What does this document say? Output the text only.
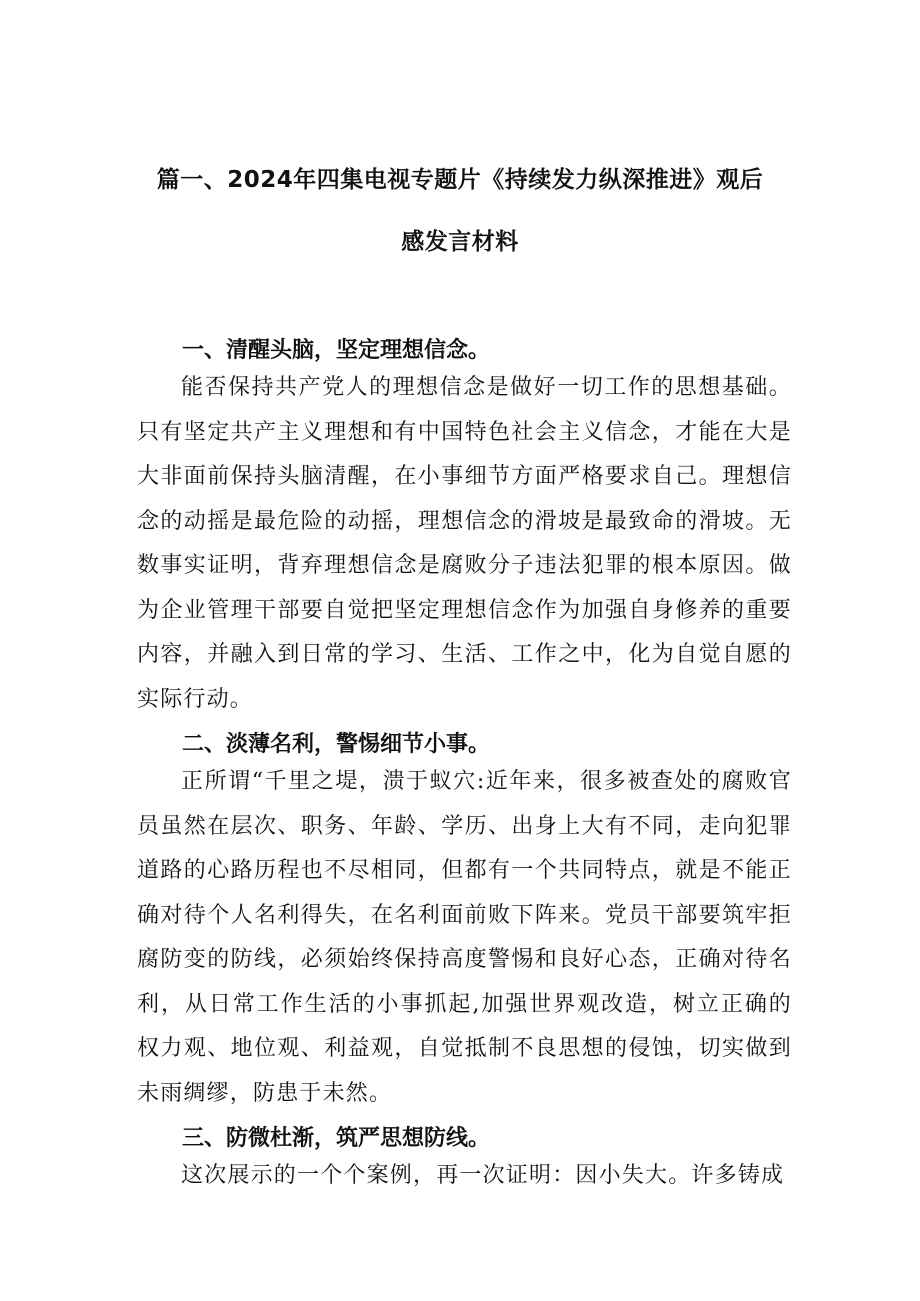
篇一、2024年四集电视专题片《持续发力纵深推进》观后
感发言材料
一、清醒头脑，坚定理想信念。

能否保持共产党人的理想信念是做好一切工作的思想基础。只有坚定共产主义理想和有中国特色社会主义信念，才能在大是大非面前保持头脑清醒，在小事细节方面严格要求自己。理想信念的动摇是最危险的动摇，理想信念的滑坡是最致命的滑坡。无数事实证明，背弃理想信念是腐败分子违法犯罪的根本原因。做为企业管理干部要自觉把坚定理想信念作为加强自身修养的重要内容，并融入到日常的学习、生活、工作之中，化为自觉自愿的实际行动。

二、淡薄名利，警惕细节小事。

正所谓“千里之堤，溃于蚁穴:近年来，很多被查处的腐败官员虽然在层次、职务、年龄、学历、出身上大有不同，走向犯罪道路的心路历程也不尽相同，但都有一个共同特点，就是不能正确对待个人名利得失，在名利面前败下阵来。党员干部要筑牢拒腐防变的防线，必须始终保持高度警惕和良好心态，正确对待名利，从日常工作生活的小事抓起,加强世界观改造，树立正确的权力观、地位观、利益观，自觉抵制不良思想的侵蚀，切实做到未雨绸缪，防患于未然。

三、防微杜渐，筑严思想防线。

这次展示的一个个案例，再一次证明：因小失大。许多铸成
